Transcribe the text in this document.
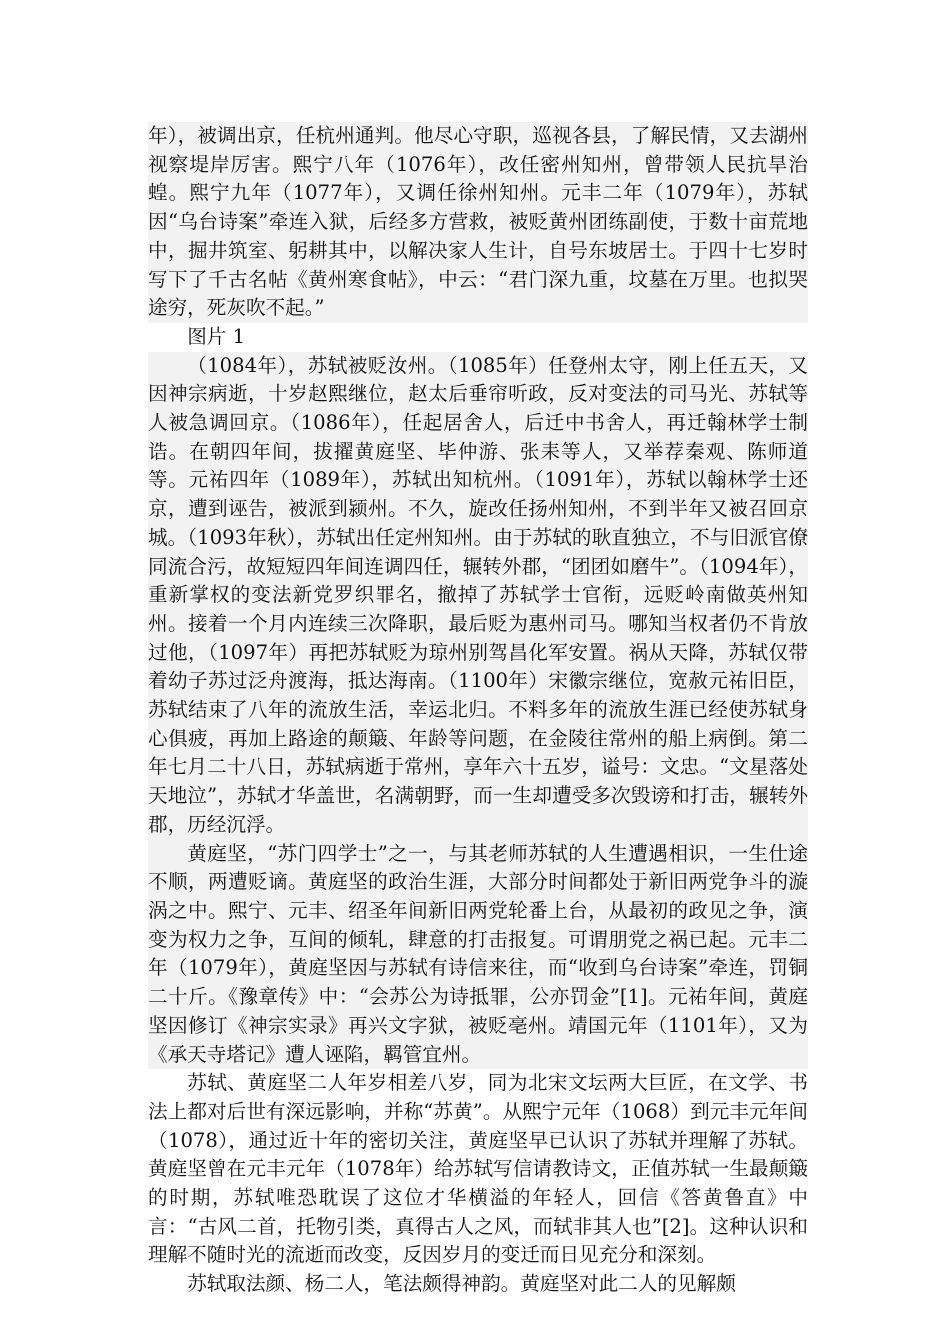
年），被调出京，任杭州通判。他尽心守职，巡视各县，了解民情，又去湖州视察堤岸厉害。熙宁八年（1076年），改任密州知州，曾带领人民抗旱治蝗。熙宁九年（1077年），又调任徐州知州。元丰二年（1079年），苏轼因“乌台诗案”牵连入狱，后经多方营救，被贬黄州团练副使，于数十亩荒地中，掘井筑室、躬耕其中，以解决家人生计，自号东坡居士。于四十七岁时写下了千古名帖《黄州寒食帖》，中云：“君门深九重，坟墓在万里。也拟哭途穷，死灰吹不起。”

图片 1

（1084年），苏轼被贬汝州。（1085年）任登州太守，刚上任五天，又因神宗病逝，十岁赵熙继位，赵太后垂帘听政，反对变法的司马光、苏轼等人被急调回京。（1086年），任起居舍人，后迁中书舍人，再迁翰林学士制诰。在朝四年间，拔擢黄庭坚、毕仲游、张耒等人，又举荐秦观、陈师道等。元祐四年（1089年），苏轼出知杭州。（1091年），苏轼以翰林学士还京，遭到诬告，被派到颍州。不久，旋改任扬州知州，不到半年又被召回京城。（1093年秋），苏轼出任定州知州。由于苏轼的耿直独立，不与旧派官僚同流合污，故短短四年间连调四任，辗转外郡，“团团如磨牛”。（1094年），重新掌权的变法新党罗织罪名，撤掉了苏轼学士官衔，远贬岭南做英州知州。接着一个月内连续三次降职，最后贬为惠州司马。哪知当权者仍不肯放过他，（1097年）再把苏轼贬为琼州别驾昌化军安置。祸从天降，苏轼仅带着幼子苏过泛舟渡海，抵达海南。（1100年）宋徽宗继位，宽赦元祐旧臣，苏轼结束了八年的流放生活，幸运北归。不料多年的流放生涯已经使苏轼身心俱疲，再加上路途的颠簸、年龄等问题，在金陵往常州的船上病倒。第二年七月二十八日，苏轼病逝于常州，享年六十五岁，谥号：文忠。“文星落处天地泣”，苏轼才华盖世，名满朝野，而一生却遭受多次毁谤和打击，辗转外郡，历经沉浮。

黄庭坚，“苏门四学士”之一，与其老师苏轼的人生遭遇相识，一生仕途不顺，两遭贬谪。黄庭坚的政治生涯，大部分时间都处于新旧两党争斗的漩涡之中。熙宁、元丰、绍圣年间新旧两党轮番上台，从最初的政见之争，演变为权力之争，互间的倾轧，肆意的打击报复。可谓朋党之祸已起。元丰二年（1079年），黄庭坚因与苏轼有诗信来往，而“收到乌台诗案”牵连，罚铜二十斤。《豫章传》中：“会苏公为诗抵罪，公亦罚金”[1]。元祐年间，黄庭坚因修订《神宗实录》再兴文字狱，被贬亳州。靖国元年（1101年），又为《承天寺塔记》遭人诬陷，羁管宜州。

苏轼、黄庭坚二人年岁相差八岁，同为北宋文坛两大巨匠，在文学、书法上都对后世有深远影响，并称“苏黄”。从熙宁元年（1068）到元丰元年间（1078），通过近十年的密切关注，黄庭坚早已认识了苏轼并理解了苏轼。黄庭坚曾在元丰元年（1078年）给苏轼写信请教诗文，正值苏轼一生最颠簸的时期，苏轼唯恐耽误了这位才华横溢的年轻人，回信《答黄鲁直》中言：“古风二首，托物引类，真得古人之风，而轼非其人也”[2]。这种认识和理解不随时光的流逝而改变，反因岁月的变迁而日见充分和深刻。

苏轼取法颜、杨二人，笔法颇得神韵。黄庭坚对此二人的见解颇
